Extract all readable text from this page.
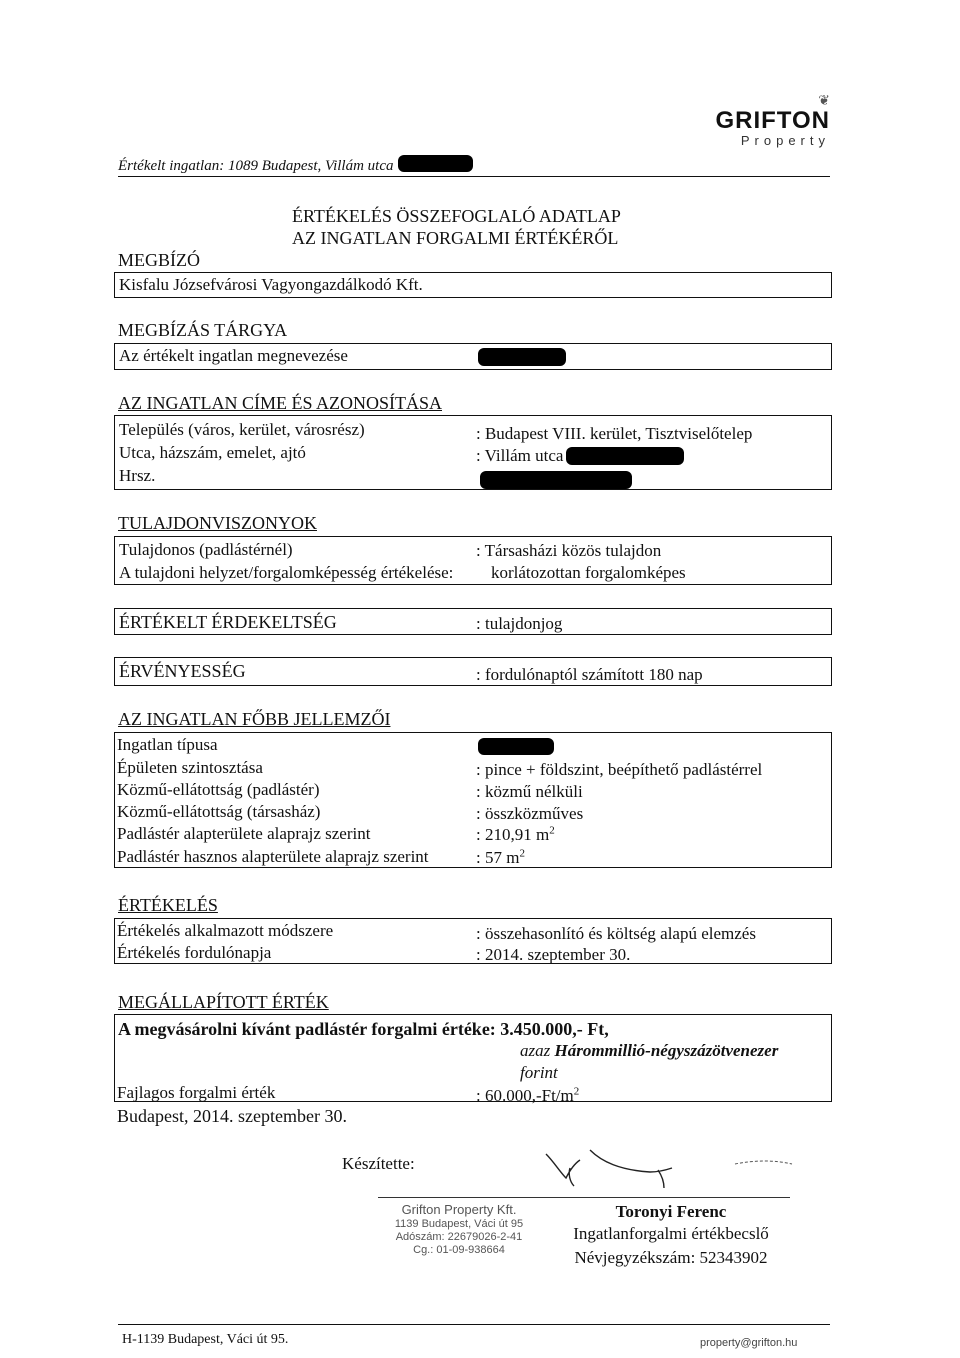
Értékelt ingatlan: 1089 Budapest, Villám utca
❦
GRIFTON
Property
ÉRTÉKELÉS ÖSSZEFOGLALÓ ADATLAP
AZ INGATLAN FORGALMI ÉRTÉKÉRŐL
MEGBÍZÓ
Kisfalu Józsefvárosi Vagyongazdálkodó Kft.
MEGBÍZÁS TÁRGYA
Az értékelt ingatlan megnevezése
AZ INGATLAN CÍME ÉS AZONOSÍTÁSA
Település (város, kerület, városrész)	: Budapest VIII. kerület, Tisztviselőtelep
Utca, házszám, emelet, ajtó	: Villám utca
Hrsz.
TULAJDONVISZONYOK
Tulajdonos (padlástérnél)	: Társasházi közös tulajdon
A tulajdoni helyzet/forgalomképesség értékelése: korlátozottan forgalomképes
ÉRTÉKELT ÉRDEKELTSÉG	: tulajdonjog
ÉRVÉNYESSÉG	: fordulónaptól számított 180 nap
AZ INGATLAN FŐBB JELLEMZŐI
Ingatlan típusa
Épületen szintosztása	: pince + földszint, beépíthető padlástérrel
Közmű-ellátottság (padlástér)	: közmű nélküli
Közmű-ellátottság (társasház)	: összközműves
Padlástér alapterülete alaprajz szerint	: 210,91 $m^2$
Padlástér hasznos alapterülete alaprajz szerint	: 57 $m^2$
ÉRTÉKELÉS
Értékelés alkalmazott módszere	: összehasonlító és költség alapú elemzés
Értékelés fordulónapja	: 2014. szeptember 30.
MEGÁLLAPÍTOTT ÉRTÉK
A megvásárolni kívánt padlástér forgalmi értéke: 3.450.000,- Ft,
azaz Hárommillió-négyszázötvenezer
forint
Fajlagos forgalmi érték	: $60.000,-Ft/m^2$
Budapest, 2014. szeptember 30.
Készítette:
Grifton Property Kft.
1139 Budapest, Váci út 95
Adószám: 22679026-2-41
Cg.: 01-09-938664
Toronyi Ferenc
Ingatlanforgalmi értékbecslő
Névjegyzékszám: 52343902
H-1139 Budapest, Váci út 95.	property@grifton.hu
